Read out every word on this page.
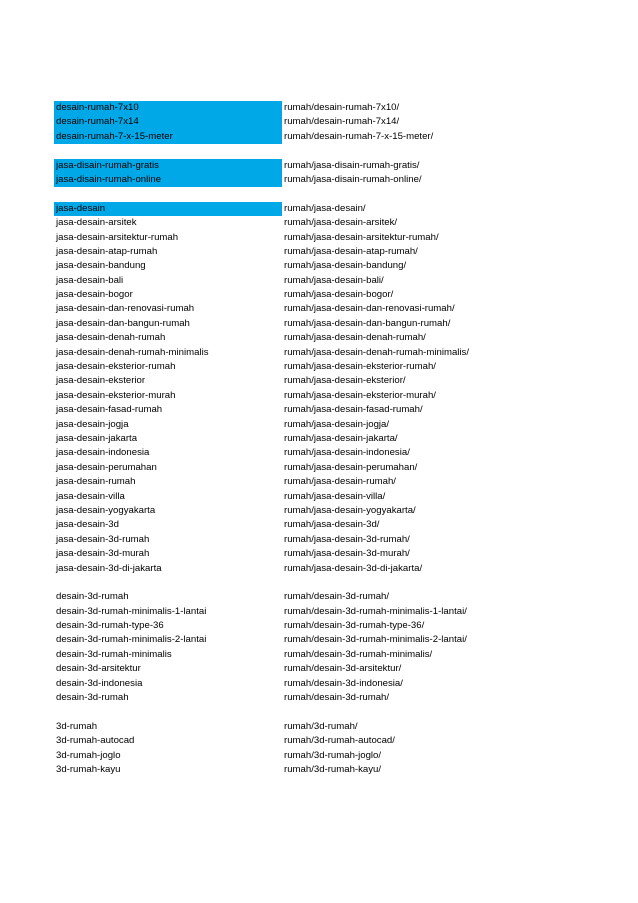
desain-rumah-7x10	rumah/desain-rumah-7x10/
desain-rumah-7x14	rumah/desain-rumah-7x14/
desain-rumah-7-x-15-meter	rumah/desain-rumah-7-x-15-meter/
jasa-disain-rumah-gratis	rumah/jasa-disain-rumah-gratis/
jasa-disain-rumah-online	rumah/jasa-disain-rumah-online/
jasa-desain	rumah/jasa-desain/
jasa-desain-arsitek	rumah/jasa-desain-arsitek/
jasa-desain-arsitektur-rumah	rumah/jasa-desain-arsitektur-rumah/
jasa-desain-atap-rumah	rumah/jasa-desain-atap-rumah/
jasa-desain-bandung	rumah/jasa-desain-bandung/
jasa-desain-bali	rumah/jasa-desain-bali/
jasa-desain-bogor	rumah/jasa-desain-bogor/
jasa-desain-dan-renovasi-rumah	rumah/jasa-desain-dan-renovasi-rumah/
jasa-desain-dan-bangun-rumah	rumah/jasa-desain-dan-bangun-rumah/
jasa-desain-denah-rumah	rumah/jasa-desain-denah-rumah/
jasa-desain-denah-rumah-minimalis	rumah/jasa-desain-denah-rumah-minimalis/
jasa-desain-eksterior-rumah	rumah/jasa-desain-eksterior-rumah/
jasa-desain-eksterior	rumah/jasa-desain-eksterior/
jasa-desain-eksterior-murah	rumah/jasa-desain-eksterior-murah/
jasa-desain-fasad-rumah	rumah/jasa-desain-fasad-rumah/
jasa-desain-jogja	rumah/jasa-desain-jogja/
jasa-desain-jakarta	rumah/jasa-desain-jakarta/
jasa-desain-indonesia	rumah/jasa-desain-indonesia/
jasa-desain-perumahan	rumah/jasa-desain-perumahan/
jasa-desain-rumah	rumah/jasa-desain-rumah/
jasa-desain-villa	rumah/jasa-desain-villa/
jasa-desain-yogyakarta	rumah/jasa-desain-yogyakarta/
jasa-desain-3d	rumah/jasa-desain-3d/
jasa-desain-3d-rumah	rumah/jasa-desain-3d-rumah/
jasa-desain-3d-murah	rumah/jasa-desain-3d-murah/
jasa-desain-3d-di-jakarta	rumah/jasa-desain-3d-di-jakarta/
desain-3d-rumah	rumah/desain-3d-rumah/
desain-3d-rumah-minimalis-1-lantai	rumah/desain-3d-rumah-minimalis-1-lantai/
desain-3d-rumah-type-36	rumah/desain-3d-rumah-type-36/
desain-3d-rumah-minimalis-2-lantai	rumah/desain-3d-rumah-minimalis-2-lantai/
desain-3d-rumah-minimalis	rumah/desain-3d-rumah-minimalis/
desain-3d-arsitektur	rumah/desain-3d-arsitektur/
desain-3d-indonesia	rumah/desain-3d-indonesia/
desain-3d-rumah	rumah/desain-3d-rumah/
3d-rumah	rumah/3d-rumah/
3d-rumah-autocad	rumah/3d-rumah-autocad/
3d-rumah-joglo	rumah/3d-rumah-joglo/
3d-rumah-kayu	rumah/3d-rumah-kayu/
